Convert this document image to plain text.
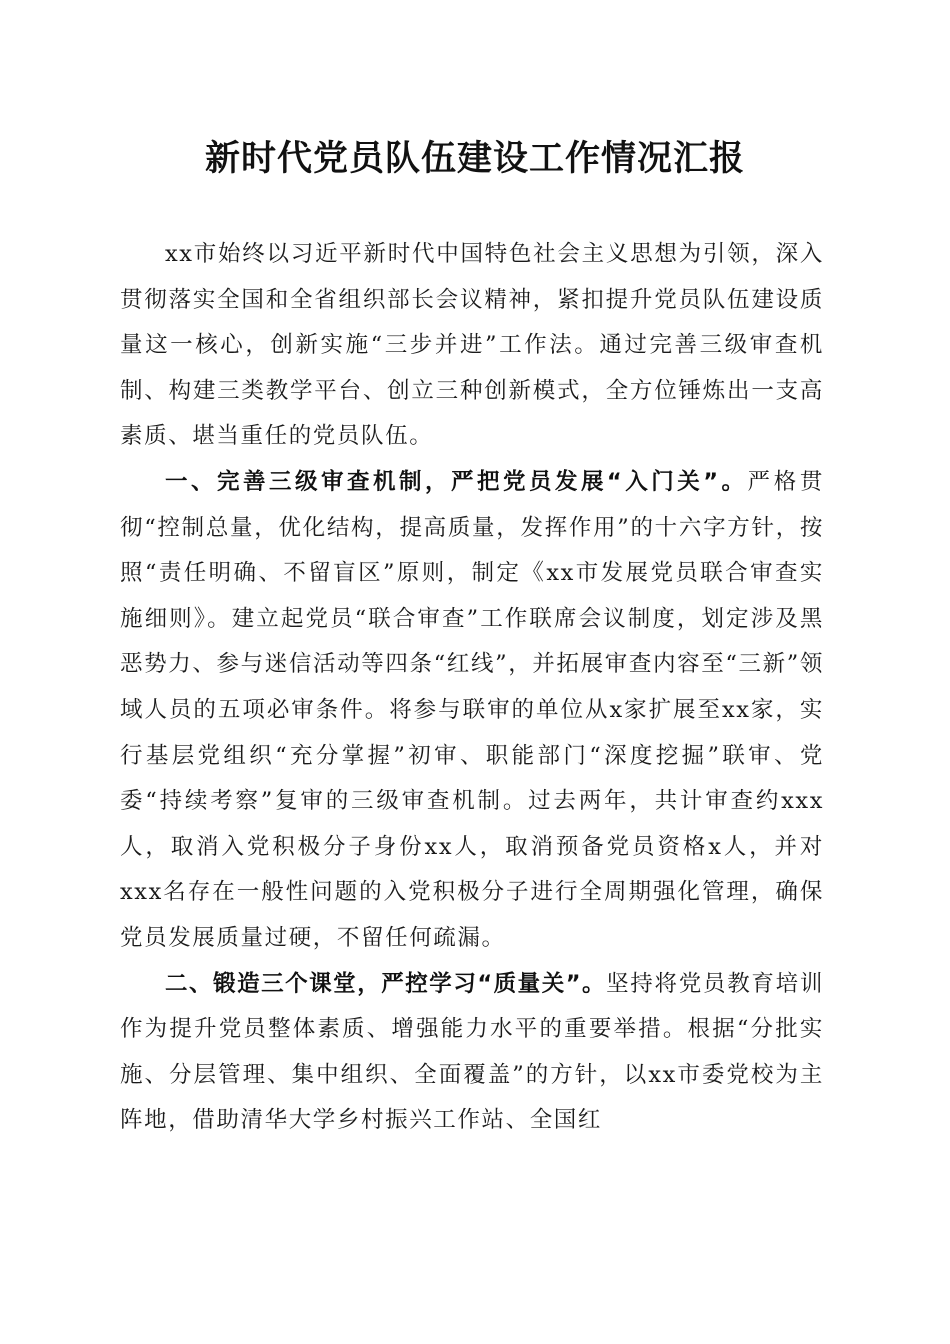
新时代党员队伍建设工作情况汇报

xx市始终以习近平新时代中国特色社会主义思想为引领，深入贯彻落实全国和全省组织部长会议精神，紧扣提升党员队伍建设质量这一核心，创新实施“三步并进”工作法。通过完善三级审查机制、构建三类教学平台、创立三种创新模式，全方位锤炼出一支高素质、堪当重任的党员队伍。

一、完善三级审查机制，严把党员发展“入门关”。严格贯彻“控制总量，优化结构，提高质量，发挥作用”的十六字方针，按照“责任明确、不留盲区”原则，制定《xx市发展党员联合审查实施细则》。建立起党员“联合审查”工作联席会议制度，划定涉及黑恶势力、参与迷信活动等四条“红线”，并拓展审查内容至“三新”领域人员的五项必审条件。将参与联审的单位从x家扩展至xx家，实行基层党组织“充分掌握”初审、职能部门“深度挖掘”联审、党委“持续考察”复审的三级审查机制。过去两年，共计审查约xxx人，取消入党积极分子身份xx人，取消预备党员资格x人，并对xxx名存在一般性问题的入党积极分子进行全周期强化管理，确保党员发展质量过硬，不留任何疏漏。

二、锻造三个课堂，严控学习“质量关”。坚持将党员教育培训作为提升党员整体素质、增强能力水平的重要举措。根据“分批实施、分层管理、集中组织、全面覆盖”的方针，以xx市委党校为主阵地，借助清华大学乡村振兴工作站、全国红
